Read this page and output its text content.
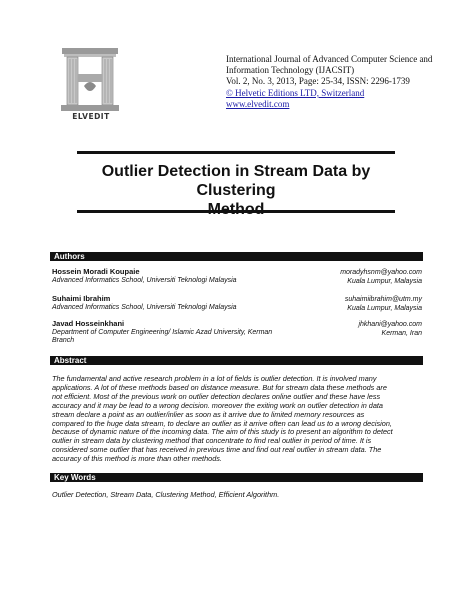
ELVEDIT
International Journal of Advanced Computer Science and
Information Technology (IJACSIT)
Vol. 2, No. 3, 2013, Page: 25-34, ISSN: 2296-1739
© Helvetic Editions LTD, Switzerland
www.elvedit.com
Outlier Detection in Stream Data by Clustering
Authors
Hossein Moradi Koupaie
Advanced Informatics School, Universiti Teknologi Malaysia
moradyhsnm@yahoo.com
Kuala Lumpur, Malaysia
Suhaimi Ibrahim
Advanced Informatics School, Universiti Teknologi Malaysia
suhaimiibrahim@utm.my
Kuala Lumpur, Malaysia
Javad Hosseinkhani
Department of Computer Engineering/ Islamic Azad University, Kerman
Branch
jhkhani@yahoo.com
Kerman, Iran
Abstract
The fundamental and active research problem in a lot of fields is outlier detection. It is involved many
applications. A lot of these methods based on distance measure. But for stream data these methods are
not efficient. Most of the previous work on outlier detection declares online outlier and these have less
accuracy and it may be lead to a wrong decision. moreover the exiting work on outlier detection in data
stream declare a point as an outlier/inlier as soon as it arrive due to limited memory resources as
compared to the huge data stream, to declare an outlier as it arrive often can lead us to a wrong decision,
because of dynamic nature of the incoming data. The aim of this study is to present an algorithm to detect
outlier in stream data by clustering method that concentrate to find real outlier in period of time. It is
considered some outlier that has received in previous time and find out real outlier in stream data. The
accuracy of this method is more than other methods.
Key Words
Outlier Detection, Stream Data, Clustering Method, Efficient Algorithm.
